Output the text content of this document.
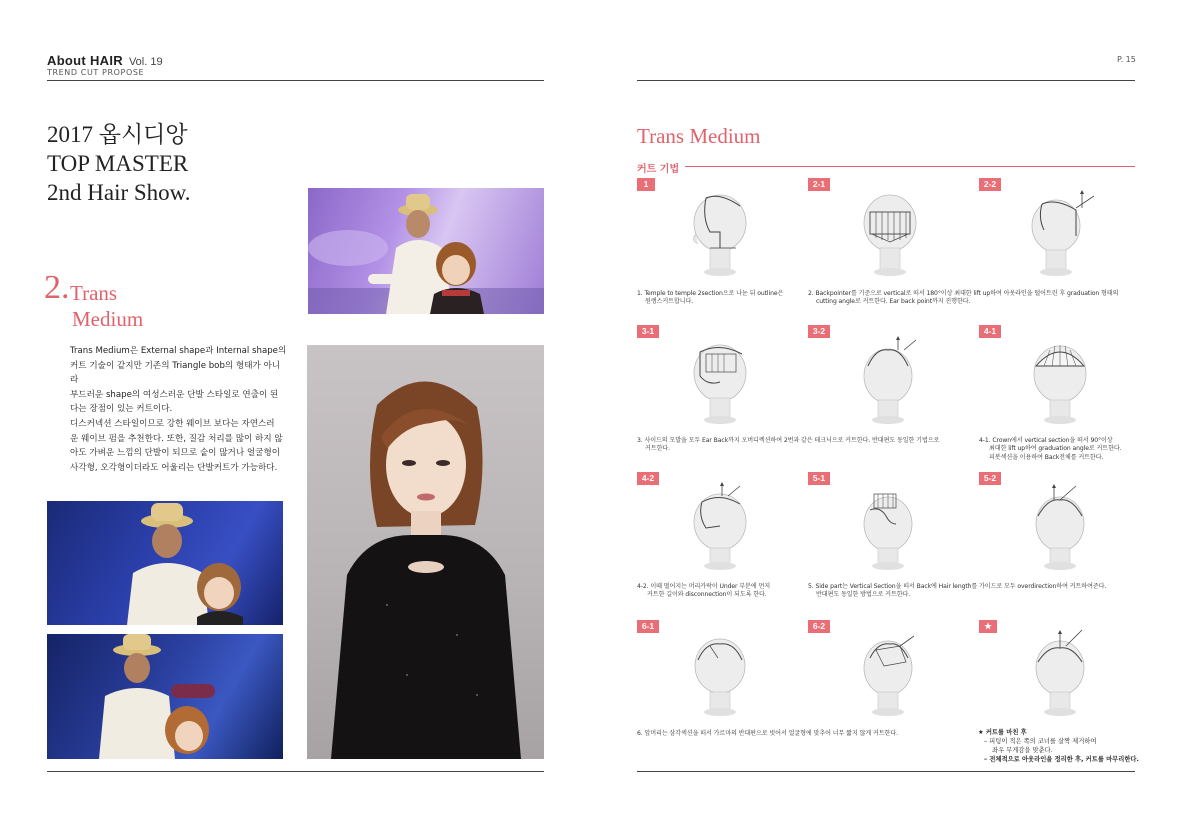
About HAIR Vol. 19
TREND CUT PROPOSE
2017 옵시디앙
TOP MASTER
2nd Hair Show.
2. Trans
Medium

Trans Medium은 External shape과 Internal shape의

커트 기술이 같지만 기존의 Triangle bob의 형태가 아니라

부드러운 shape의 여성스러운 단발 스타일로 연출이 된

다는 장점이 있는 커트이다.

디스커넥션 스타일이므로 강한 웨이브 보다는 자연스러

운 웨이브 펌을 추천한다. 또한, 질감 처리를 많이 하지 않

아도 가벼운 느낌의 단발이 되므로 숱이 많거나 얼굴형이

사각형, 오각형이더라도 어울리는 단발커트가 가능하다.

P. 15
Trans Medium
커트 기법
1	2-1	2-2
3-1	3-2	4-1
4-2	5-1	5-2
6-1	6-2	★
1. Temple to temple 2section으로 나눈 뒤 outline은
원랭스커트합니다.
2. Backpointer를 기준으로 vertical로 떠서 180°이상 최대한 lift up하여 아웃라인을 떨어트린 후 graduation 형태의
cutting angle로 커트한다. Ear back point까지 진행한다.
3. 사이드의 모발을 모두 Ear Back까지 오버디렉션하여 2번과 같은 테크닉으로 커트한다. 반대편도 동일한 기법으로
커트한다.
4-1. Crown에서 vertical section을 떠서 90°이상
최대한 lift up하여 graduation angle로 커트한다.
피봇섹션을 이용하여 Back전체를 커트한다.
4-2. 이때 떨어지는 머리카락이 Under 부분에 먼저
커트한 길이와 disconnection이 되도록 한다.
5. Side part는 Vertical Section을 떠서 Back에 Hair length를 가이드로 모두 overdirection하여 커트하여준다.
반대편도 동일한 방법으로 커트한다.
6. 앞머리는 삼각섹션을 떠서 가르마의 반대편으로 빗어서 얼굴형에 맞추어 너무 짧지 않게 커트한다.	★ 커트를 마친 후
– 피팅이 적은 쪽의 코너를 살짝 제거하여
좌우 무게감을 맞춘다.
– 전체적으로 아웃라인을 정리한 후, 커트를 마무리한다.
